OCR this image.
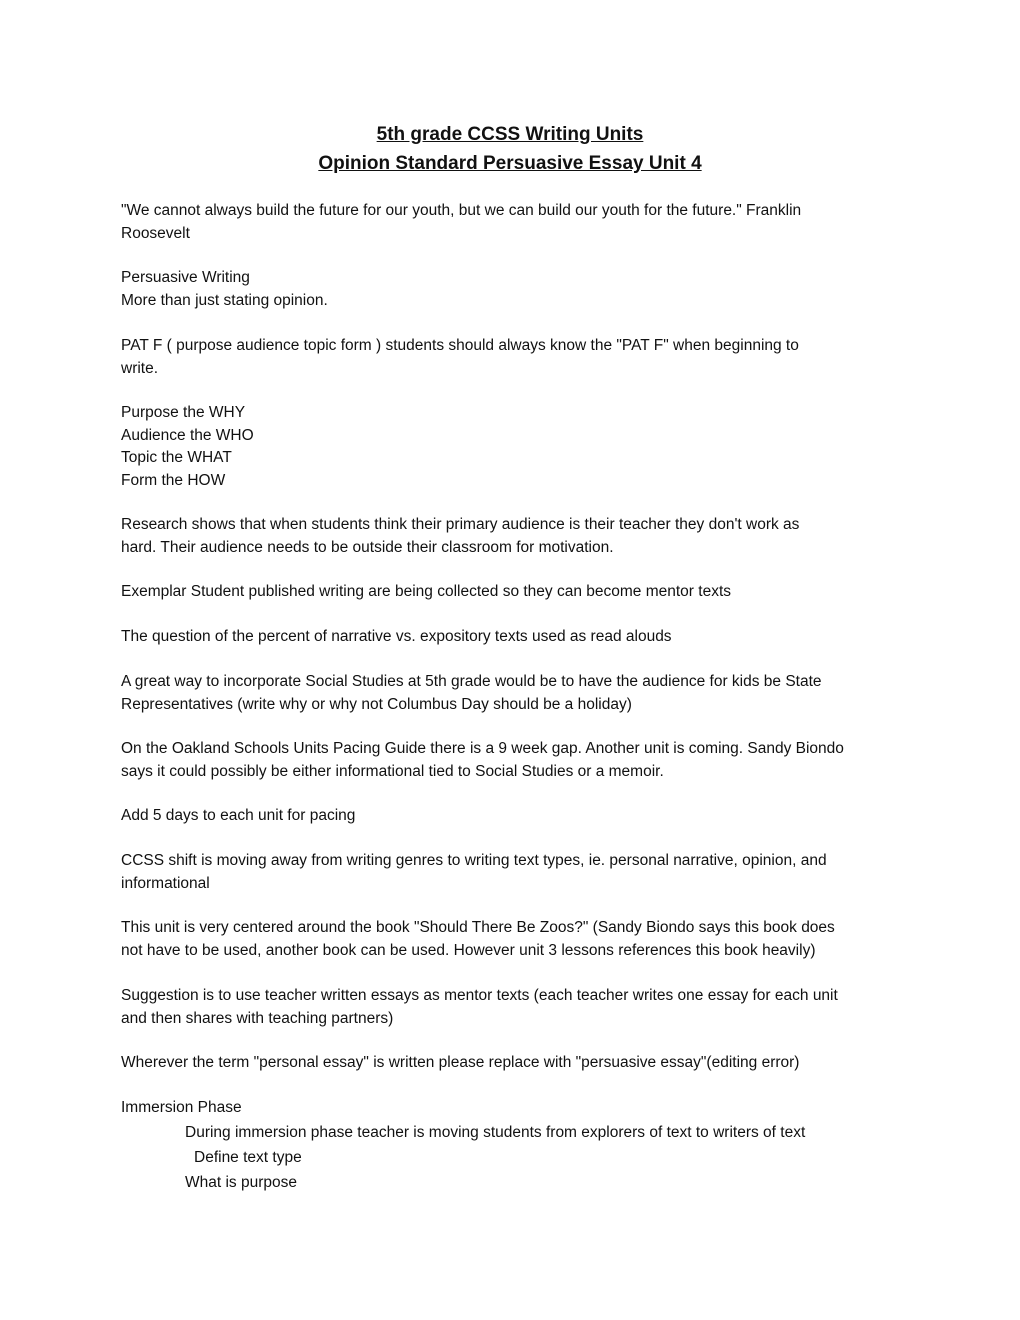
5th grade CCSS Writing Units
Opinion Standard Persuasive Essay Unit 4

"We cannot always build the future for our youth, but we can build our youth for the future." Franklin
Roosevelt

Persuasive Writing
More than just stating opinion.

PAT F ( purpose audience topic form ) students should always know the "PAT F" when beginning to
write.

Purpose the WHY
Audience the WHO
Topic the WHAT
Form the HOW

Research shows that when students think their primary audience is their teacher they don't work as
hard. Their audience needs to be outside their classroom for motivation.

Exemplar Student published writing are being collected so they can become mentor texts

The question of the percent of narrative vs. expository texts used as read alouds

A great way to incorporate Social Studies at 5th grade would be to have the audience for kids be State
Representatives (write why or why not Columbus Day should be a holiday)

On the Oakland Schools Units Pacing Guide there is a 9 week gap. Another unit is coming. Sandy Biondo
says it could possibly be either informational tied to Social Studies or a memoir.

Add 5 days to each unit for pacing

CCSS shift is moving away from writing genres to writing text types, ie. personal narrative, opinion, and
informational

This unit is very centered around the book "Should There Be Zoos?" (Sandy Biondo says this book does
not have to be used, another book can be used. However unit 3 lessons references this book heavily)

Suggestion is to use teacher written essays as mentor texts (each teacher writes one essay for each unit
and then shares with teaching partners)

Wherever the term "personal essay" is written please replace with "persuasive essay"(editing error)

Immersion Phase

During immersion phase teacher is moving students from explorers of text to writers of text
Define text type
What is purpose
